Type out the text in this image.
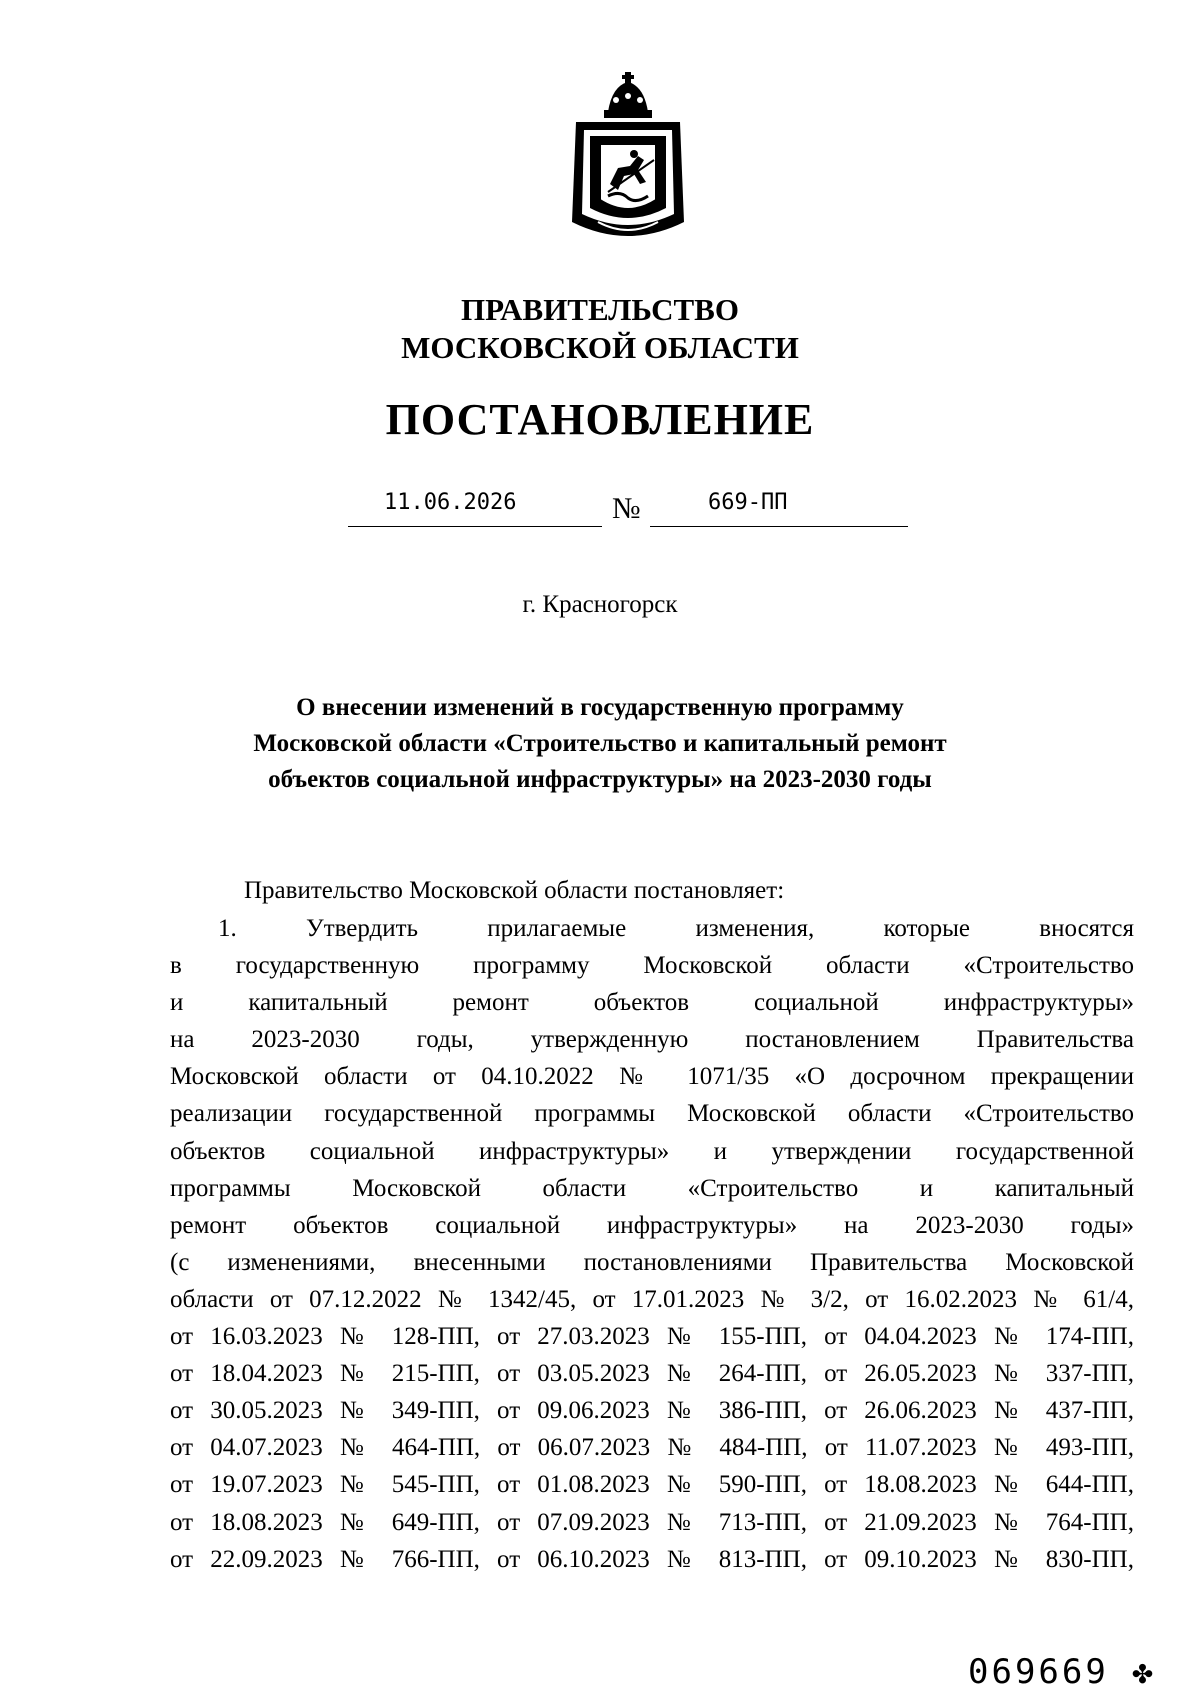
ПРАВИТЕЛЬСТВО
МОСКОВСКОЙ ОБЛАСТИ
ПОСТАНОВЛЕНИЕ
11.06.2026	№	669-ПП
г. Красногорск
О внесении изменений в государственную программу
Московской области «Строительство и капитальный ремонт
объектов социальной инфраструктуры» на 2023-2030 годы
Правительство Московской области постановляет:
1. Утвердить прилагаемые изменения, которые вносятся
в государственную программу Московской области «Строительство
и капитальный ремонт объектов социальной инфраструктуры»
на 2023-2030 годы, утвержденную постановлением Правительства
Московской области от 04.10.2022 № 1071/35 «О досрочном прекращении
реализации государственной программы Московской области «Строительство
объектов социальной инфраструктуры» и утверждении государственной
программы Московской области «Строительство и капитальный
ремонт объектов социальной инфраструктуры» на 2023-2030 годы»
(с изменениями, внесенными постановлениями Правительства Московской
области от 07.12.2022 № 1342/45, от 17.01.2023 № 3/2, от 16.02.2023 № 61/4,
от 16.03.2023 № 128-ПП, от 27.03.2023 № 155-ПП, от 04.04.2023 № 174-ПП,
от 18.04.2023 № 215-ПП, от 03.05.2023 № 264-ПП, от 26.05.2023 № 337-ПП,
от 30.05.2023 № 349-ПП, от 09.06.2023 № 386-ПП, от 26.06.2023 № 437-ПП,
от 04.07.2023 № 464-ПП, от 06.07.2023 № 484-ПП, от 11.07.2023 № 493-ПП,
от 19.07.2023 № 545-ПП, от 01.08.2023 № 590-ПП, от 18.08.2023 № 644-ПП,
от 18.08.2023 № 649-ПП, от 07.09.2023 № 713-ПП, от 21.09.2023 № 764-ПП,
от 22.09.2023 № 766-ПП, от 06.10.2023 № 813-ПП, от 09.10.2023 № 830-ПП,
069669 ✤
